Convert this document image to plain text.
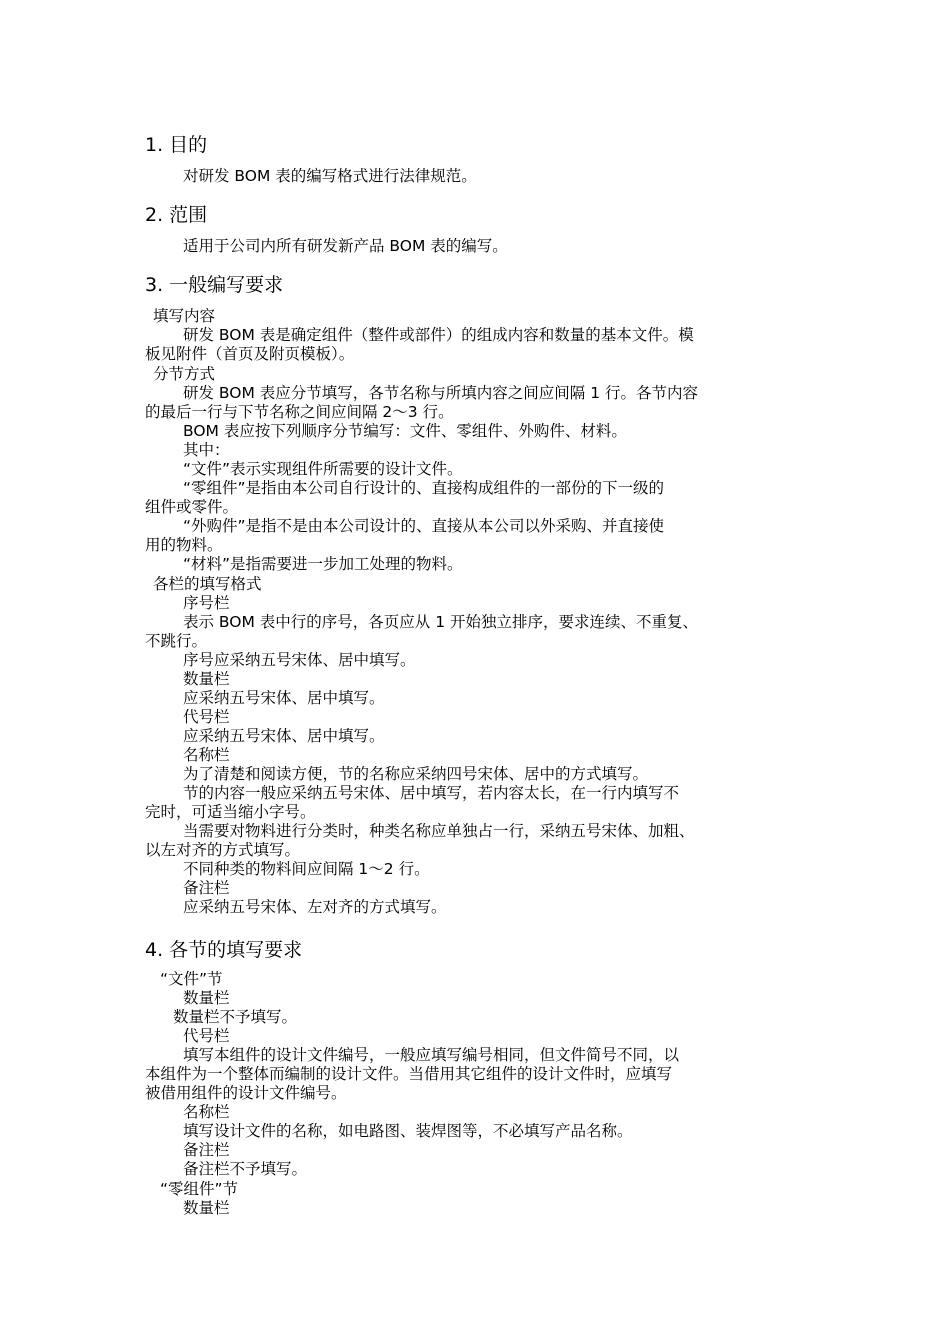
1. 目的
对研发 BOM 表的编写格式进行法律规范。
2. 范围
适用于公司内所有研发新产品 BOM 表的编写。
3. 一般编写要求
填写内容
研发 BOM 表是确定组件（整件或部件）的组成内容和数量的基本文件。模
板见附件（首页及附页模板）。
分节方式
研发 BOM 表应分节填写，各节名称与所填内容之间应间隔 1 行。各节内容
的最后一行与下节名称之间应间隔 2～3 行。
BOM 表应按下列顺序分节编写：文件、零组件、外购件、材料。
其中：
“文件”表示实现组件所需要的设计文件。
“零组件”是指由本公司自行设计的、直接构成组件的一部份的下一级的
组件或零件。
“外购件”是指不是由本公司设计的、直接从本公司以外采购、并直接使
用的物料。
“材料”是指需要进一步加工处理的物料。
各栏的填写格式
序号栏
表示 BOM 表中行的序号，各页应从 1 开始独立排序，要求连续、不重复、
不跳行。
序号应采纳五号宋体、居中填写。
数量栏
应采纳五号宋体、居中填写。
代号栏
应采纳五号宋体、居中填写。
名称栏
为了清楚和阅读方便，节的名称应采纳四号宋体、居中的方式填写。
节的内容一般应采纳五号宋体、居中填写，若内容太长，在一行内填写不
完时，可适当缩小字号。
当需要对物料进行分类时，种类名称应单独占一行，采纳五号宋体、加粗、
以左对齐的方式填写。
不同种类的物料间应间隔 1～2 行。
备注栏
应采纳五号宋体、左对齐的方式填写。
4. 各节的填写要求
“文件”节
数量栏
数量栏不予填写。
代号栏
填写本组件的设计文件编号，一般应填写编号相同，但文件简号不同，以
本组件为一个整体而编制的设计文件。当借用其它组件的设计文件时，应填写
被借用组件的设计文件编号。
名称栏
填写设计文件的名称，如电路图、装焊图等，不必填写产品名称。
备注栏
备注栏不予填写。
“零组件”节
数量栏
